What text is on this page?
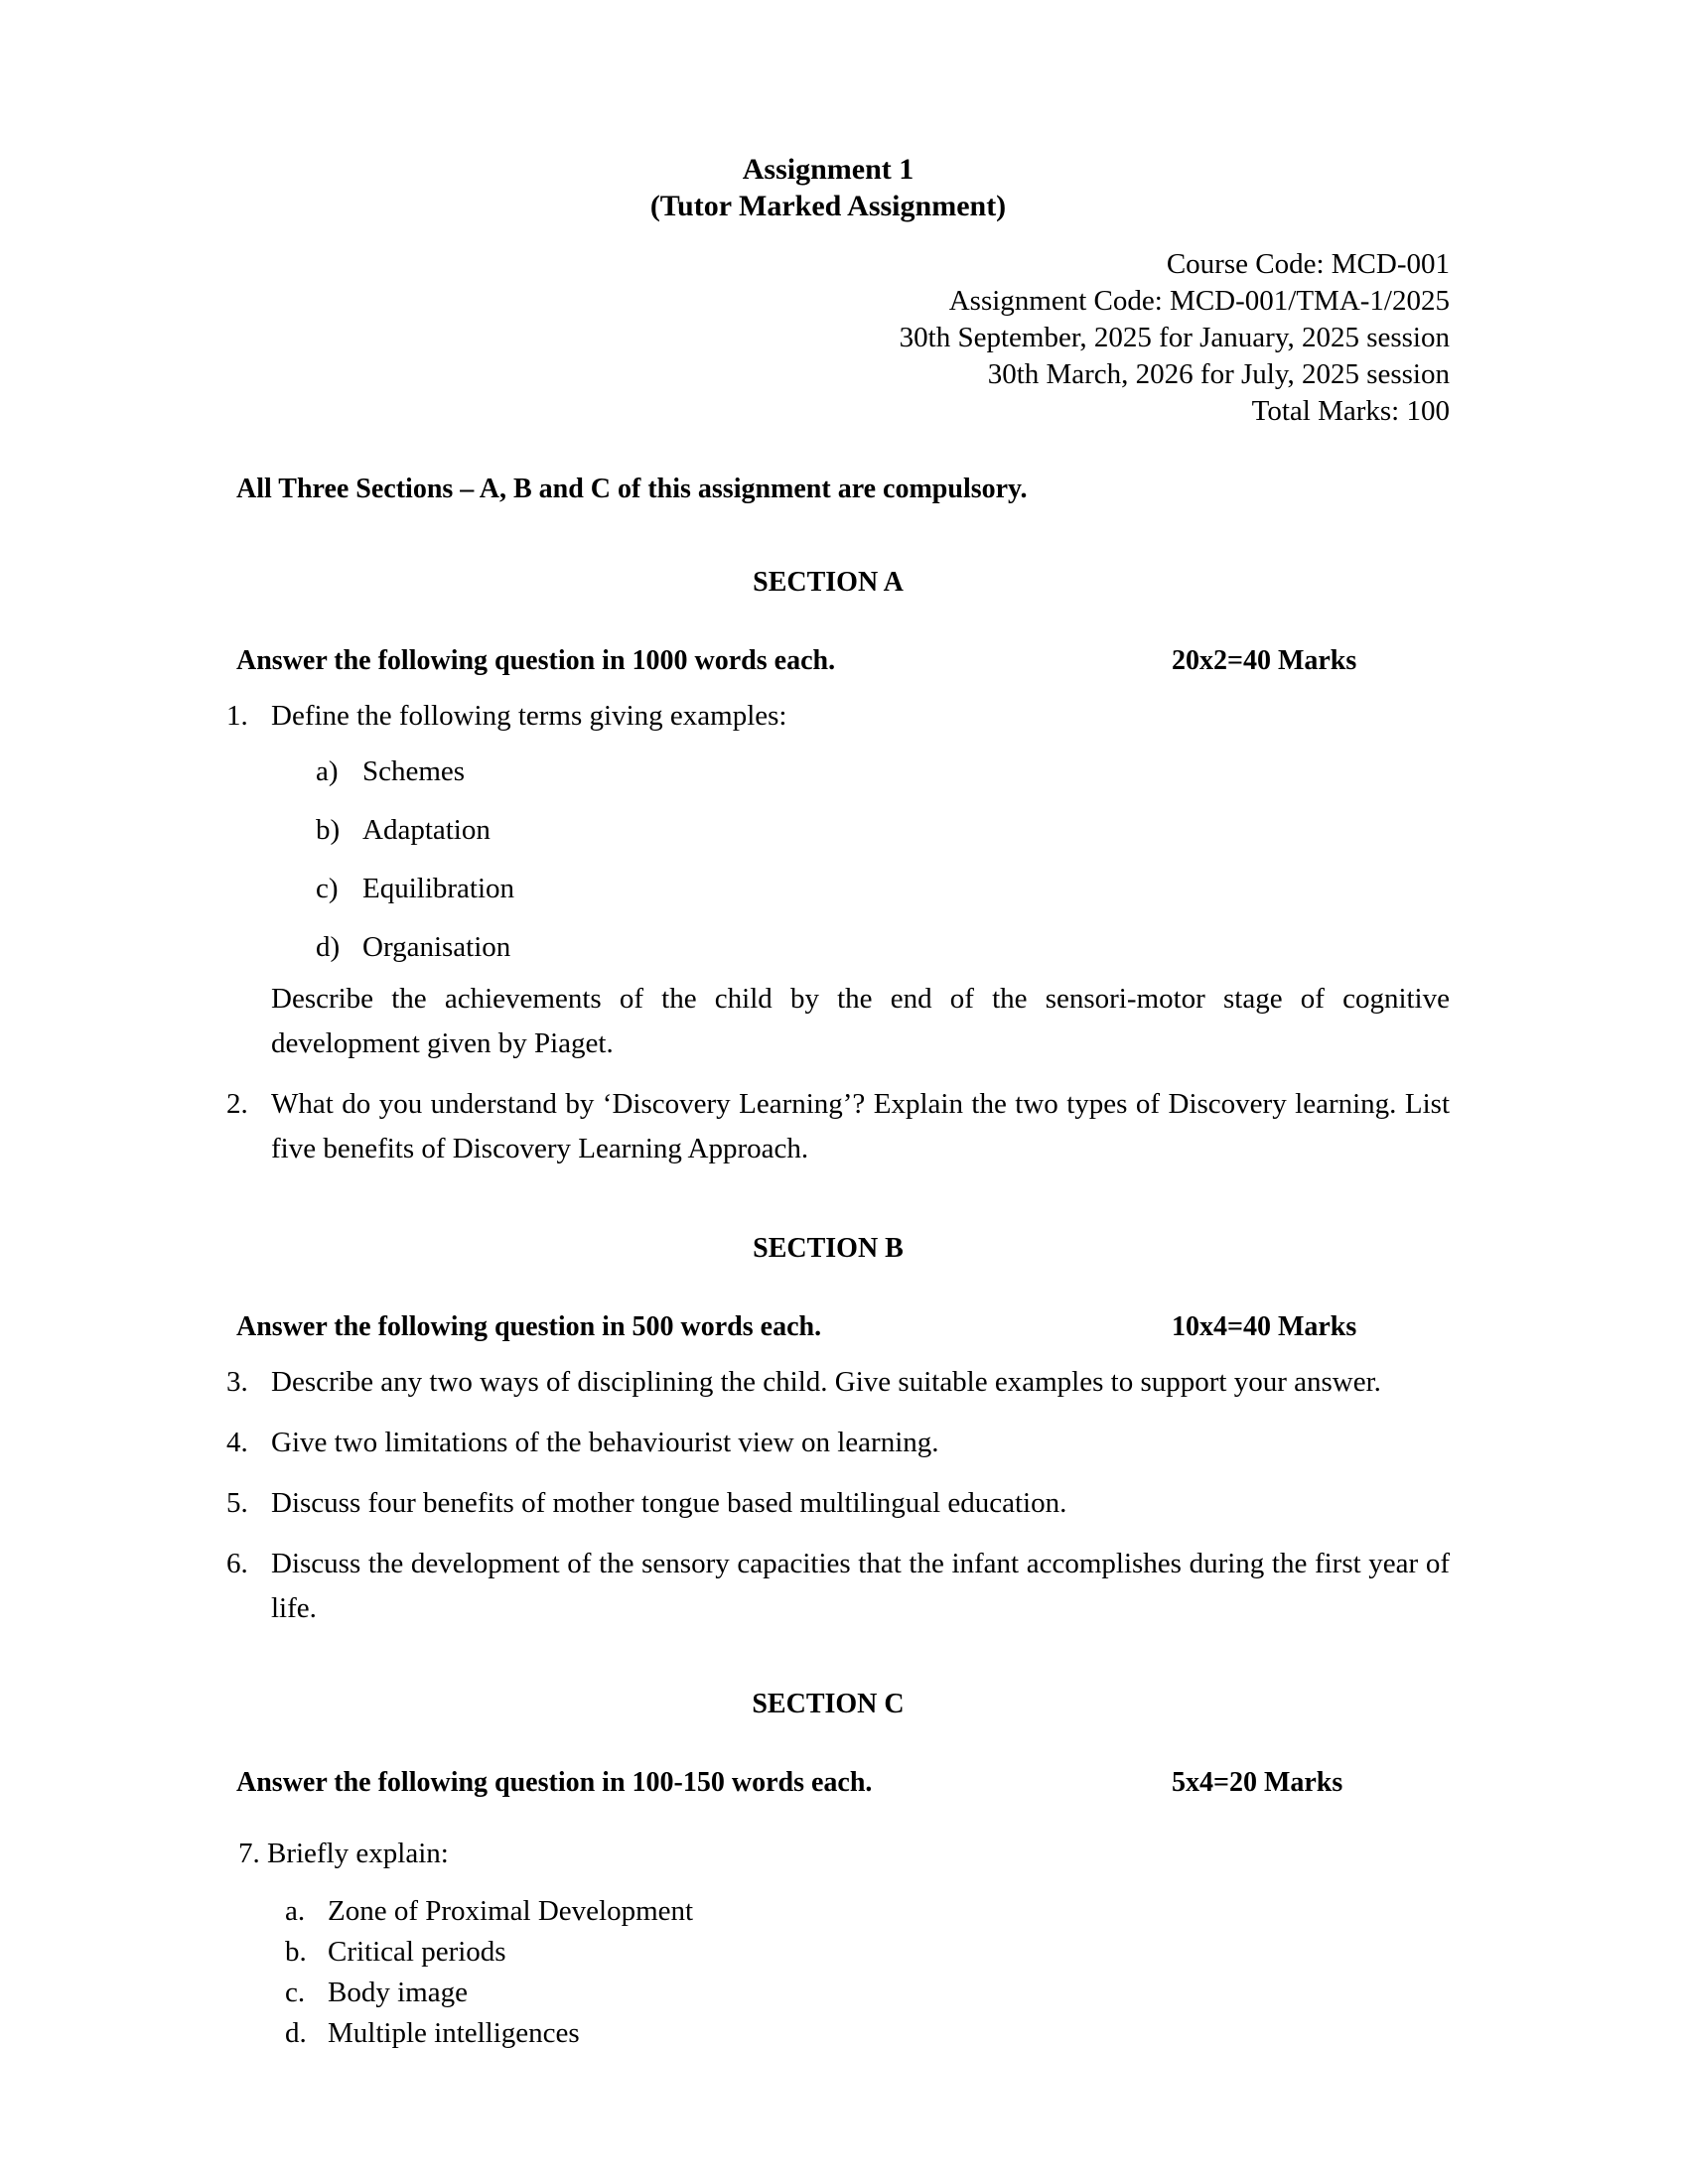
Assignment 1
(Tutor Marked Assignment)
Course Code: MCD-001
Assignment Code: MCD-001/TMA-1/2025
30th September, 2025 for January, 2025 session
30th March, 2026 for July, 2025 session
Total Marks: 100
All Three Sections – A, B and C of this assignment are compulsory.
SECTION A
Answer the following question in 1000 words each.	20x2=40 Marks
1. Define the following terms giving examples:
a) Schemes
b) Adaptation
c) Equilibration
d) Organisation
Describe the achievements of the child by the end of the sensori-motor stage of cognitive development given by Piaget.
2. What do you understand by ‘Discovery Learning’? Explain the two types of Discovery learning. List five benefits of Discovery Learning Approach.
SECTION B
Answer the following question in 500 words each.	10x4=40 Marks
3. Describe any two ways of disciplining the child. Give suitable examples to support your answer.
4. Give two limitations of the behaviourist view on learning.
5. Discuss four benefits of mother tongue based multilingual education.
6. Discuss the development of the sensory capacities that the infant accomplishes during the first year of life.
SECTION C
Answer the following question in 100-150 words each.	5x4=20 Marks
7. Briefly explain:
a. Zone of Proximal Development
b. Critical periods
c. Body image
d. Multiple intelligences
